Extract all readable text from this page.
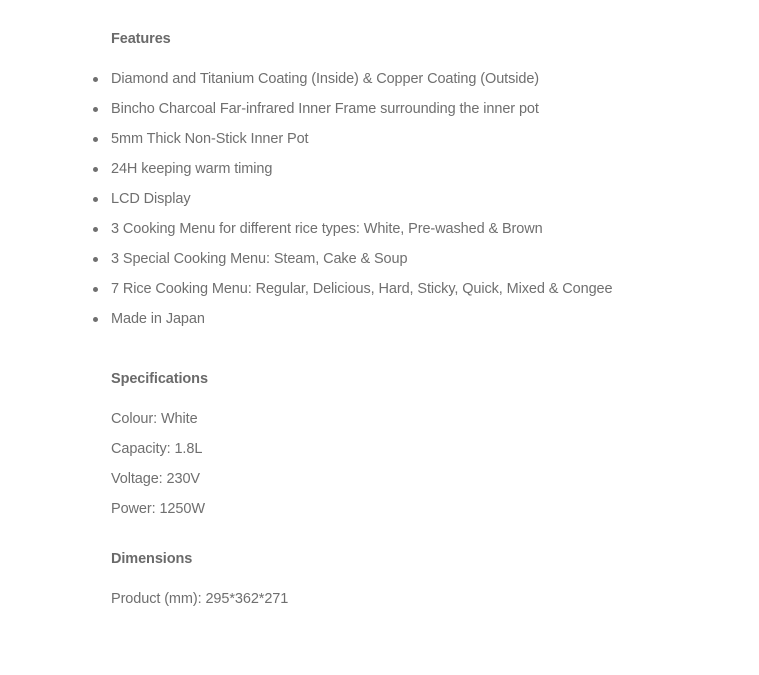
Features
Diamond and Titanium Coating (Inside) & Copper Coating (Outside)
Bincho Charcoal Far-infrared Inner Frame surrounding the inner pot
5mm Thick Non-Stick Inner Pot
24H keeping warm timing
LCD Display
3 Cooking Menu for different rice types: White, Pre-washed & Brown
3 Special Cooking Menu: Steam, Cake & Soup
7 Rice Cooking Menu: Regular, Delicious, Hard, Sticky, Quick, Mixed & Congee
Made in Japan
Specifications
Colour: White
Capacity: 1.8L
Voltage: 230V
Power: 1250W
Dimensions
Product (mm): 295*362*271
